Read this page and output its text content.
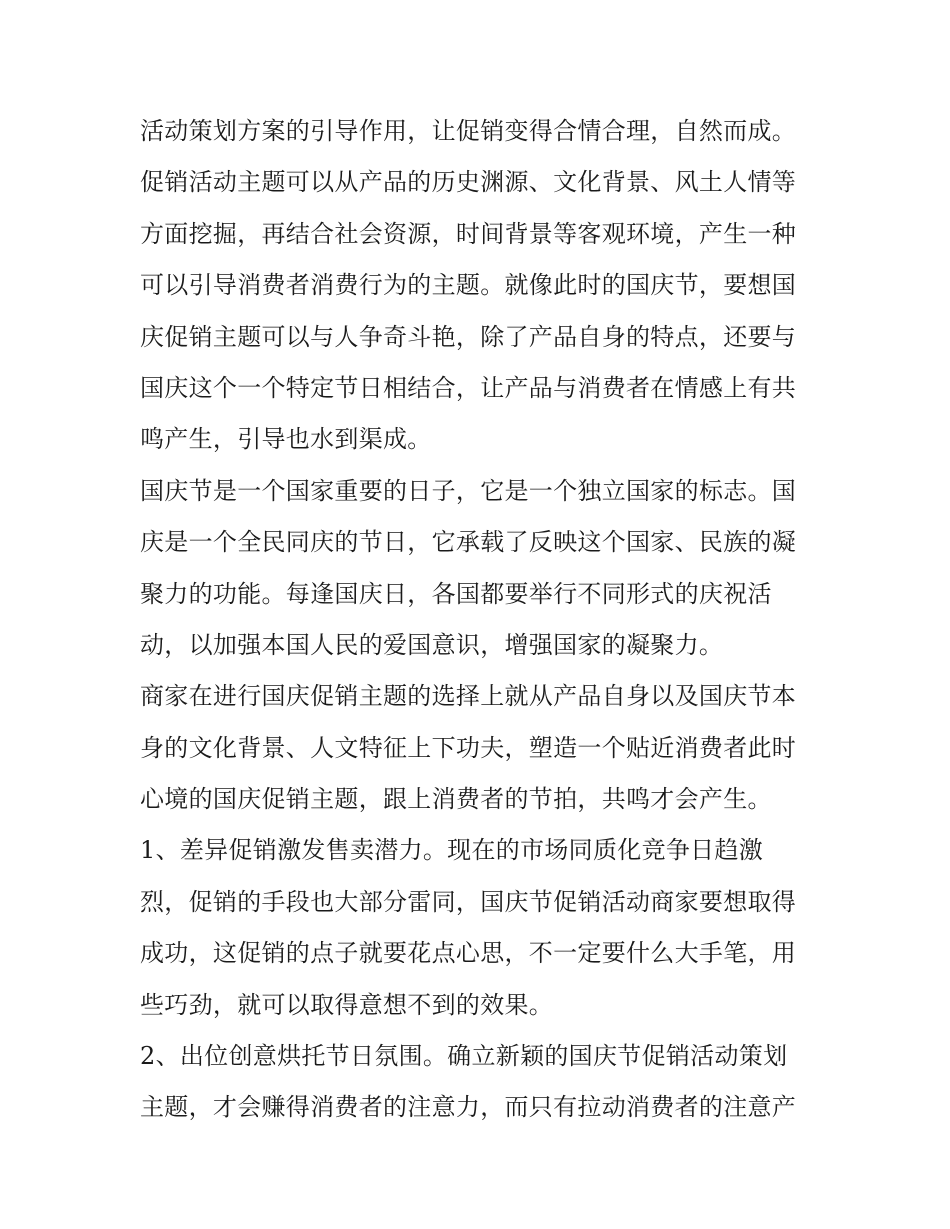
活动策划方案的引导作用，让促销变得合情合理，自然而成。
促销活动主题可以从产品的历史渊源、文化背景、风土人情等
方面挖掘，再结合社会资源，时间背景等客观环境，产生一种
可以引导消费者消费行为的主题。就像此时的国庆节，要想国
庆促销主题可以与人争奇斗艳，除了产品自身的特点，还要与
国庆这个一个特定节日相结合，让产品与消费者在情感上有共
鸣产生，引导也水到渠成。
国庆节是一个国家重要的日子，它是一个独立国家的标志。国
庆是一个全民同庆的节日，它承载了反映这个国家、民族的凝
聚力的功能。每逢国庆日，各国都要举行不同形式的庆祝活
动，以加强本国人民的爱国意识，增强国家的凝聚力。
商家在进行国庆促销主题的选择上就从产品自身以及国庆节本
身的文化背景、人文特征上下功夫，塑造一个贴近消费者此时
心境的国庆促销主题，跟上消费者的节拍，共鸣才会产生。
1、差异促销激发售卖潜力。现在的市场同质化竞争日趋激
烈，促销的手段也大部分雷同，国庆节促销活动商家要想取得
成功，这促销的点子就要花点心思，不一定要什么大手笔，用
些巧劲，就可以取得意想不到的效果。
2、出位创意烘托节日氛围。确立新颖的国庆节促销活动策划
主题，才会赚得消费者的注意力，而只有拉动消费者的注意产
